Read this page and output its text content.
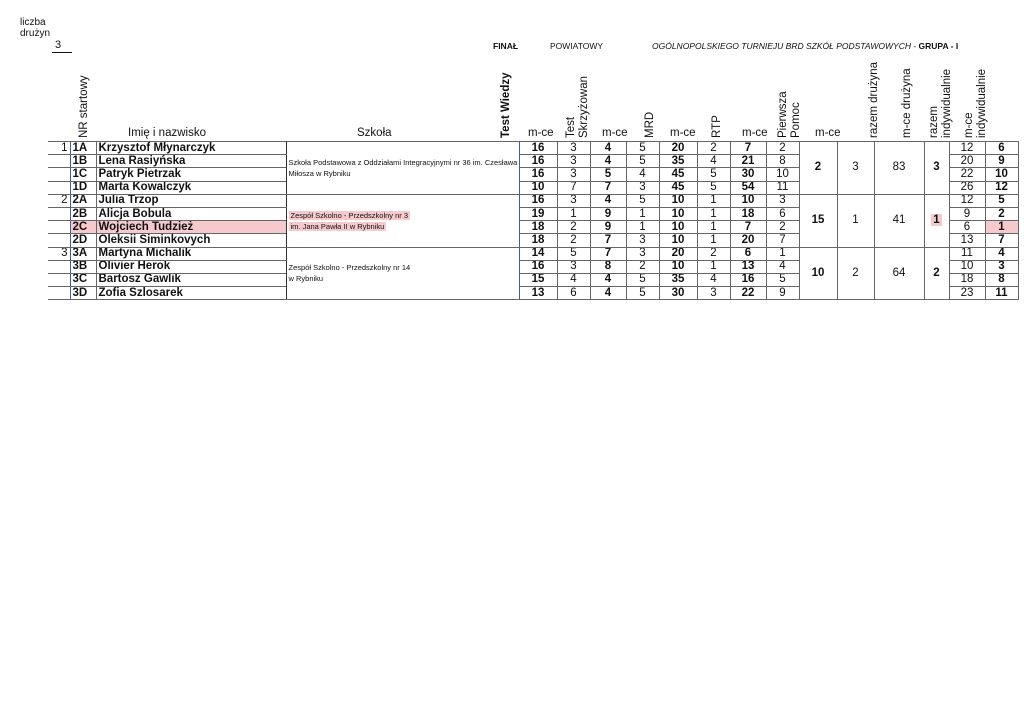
liczba
drużyn
3	FINAŁ	POWIATOWY	OGÓLNOPOLSKIEGO TURNIEJU BRD SZKÓŁ PODSTAWOWYCH - GRUPA - I
NR startowy	Imię i nazwisko	Szkoła	Test Wiedzy m-ce Test Skrzyżowan m-ce MRD m-ce RTP m-ce Pierwsza Pomoc m-ce razem drużyna m-ce drużyna razem indywidualnie m-ce indywidualnie
1	1A	Krzysztof Młynarczyk	Szkoła Podstawowa z Oddziałami Integracyjnymi nr 36 im. Czesława Miłosza w Rybniku	16	3	4	5	20	2	7	2	2	3	83	3	12	6
	1B	Lena Rasiyńska		16	3	4	5	35	4	21	8					20	9
	1C	Patryk Pietrzak		16	3	5	4	45	5	30	10					22	10
	1D	Marta Kowalczyk		10	7	7	3	45	5	54	11					26	12
2	2A	Julia Trzop	Zespół Szkolno - Przedszkolny nr 3
im. Jana Pawła II w Rybniku	16	3	4	5	10	1	10	3	15	1	41	1	12	5
	2B	Alicja Bobula		19	1	9	1	10	1	18	6					9	2
	2C	Wojciech Tudzież		18	2	9	1	10	1	7	2					6	1
	2D	Oleksii Siminkovych		18	2	7	3	10	1	20	7					13	7
3	3A	Martyna Michalik	Zespół Szkolno - Przedszkolny nr 14
w Rybniku	14	5	7	3	20	2	6	1	10	2	64	2	11	4
	3B	Olivier Herok		16	3	8	2	10	1	13	4					10	3
	3C	Bartosz Gawlik		15	4	4	5	35	4	16	5					18	8
	3D	Zofia Szlosarek		13	6	4	5	30	3	22	9					23	11
